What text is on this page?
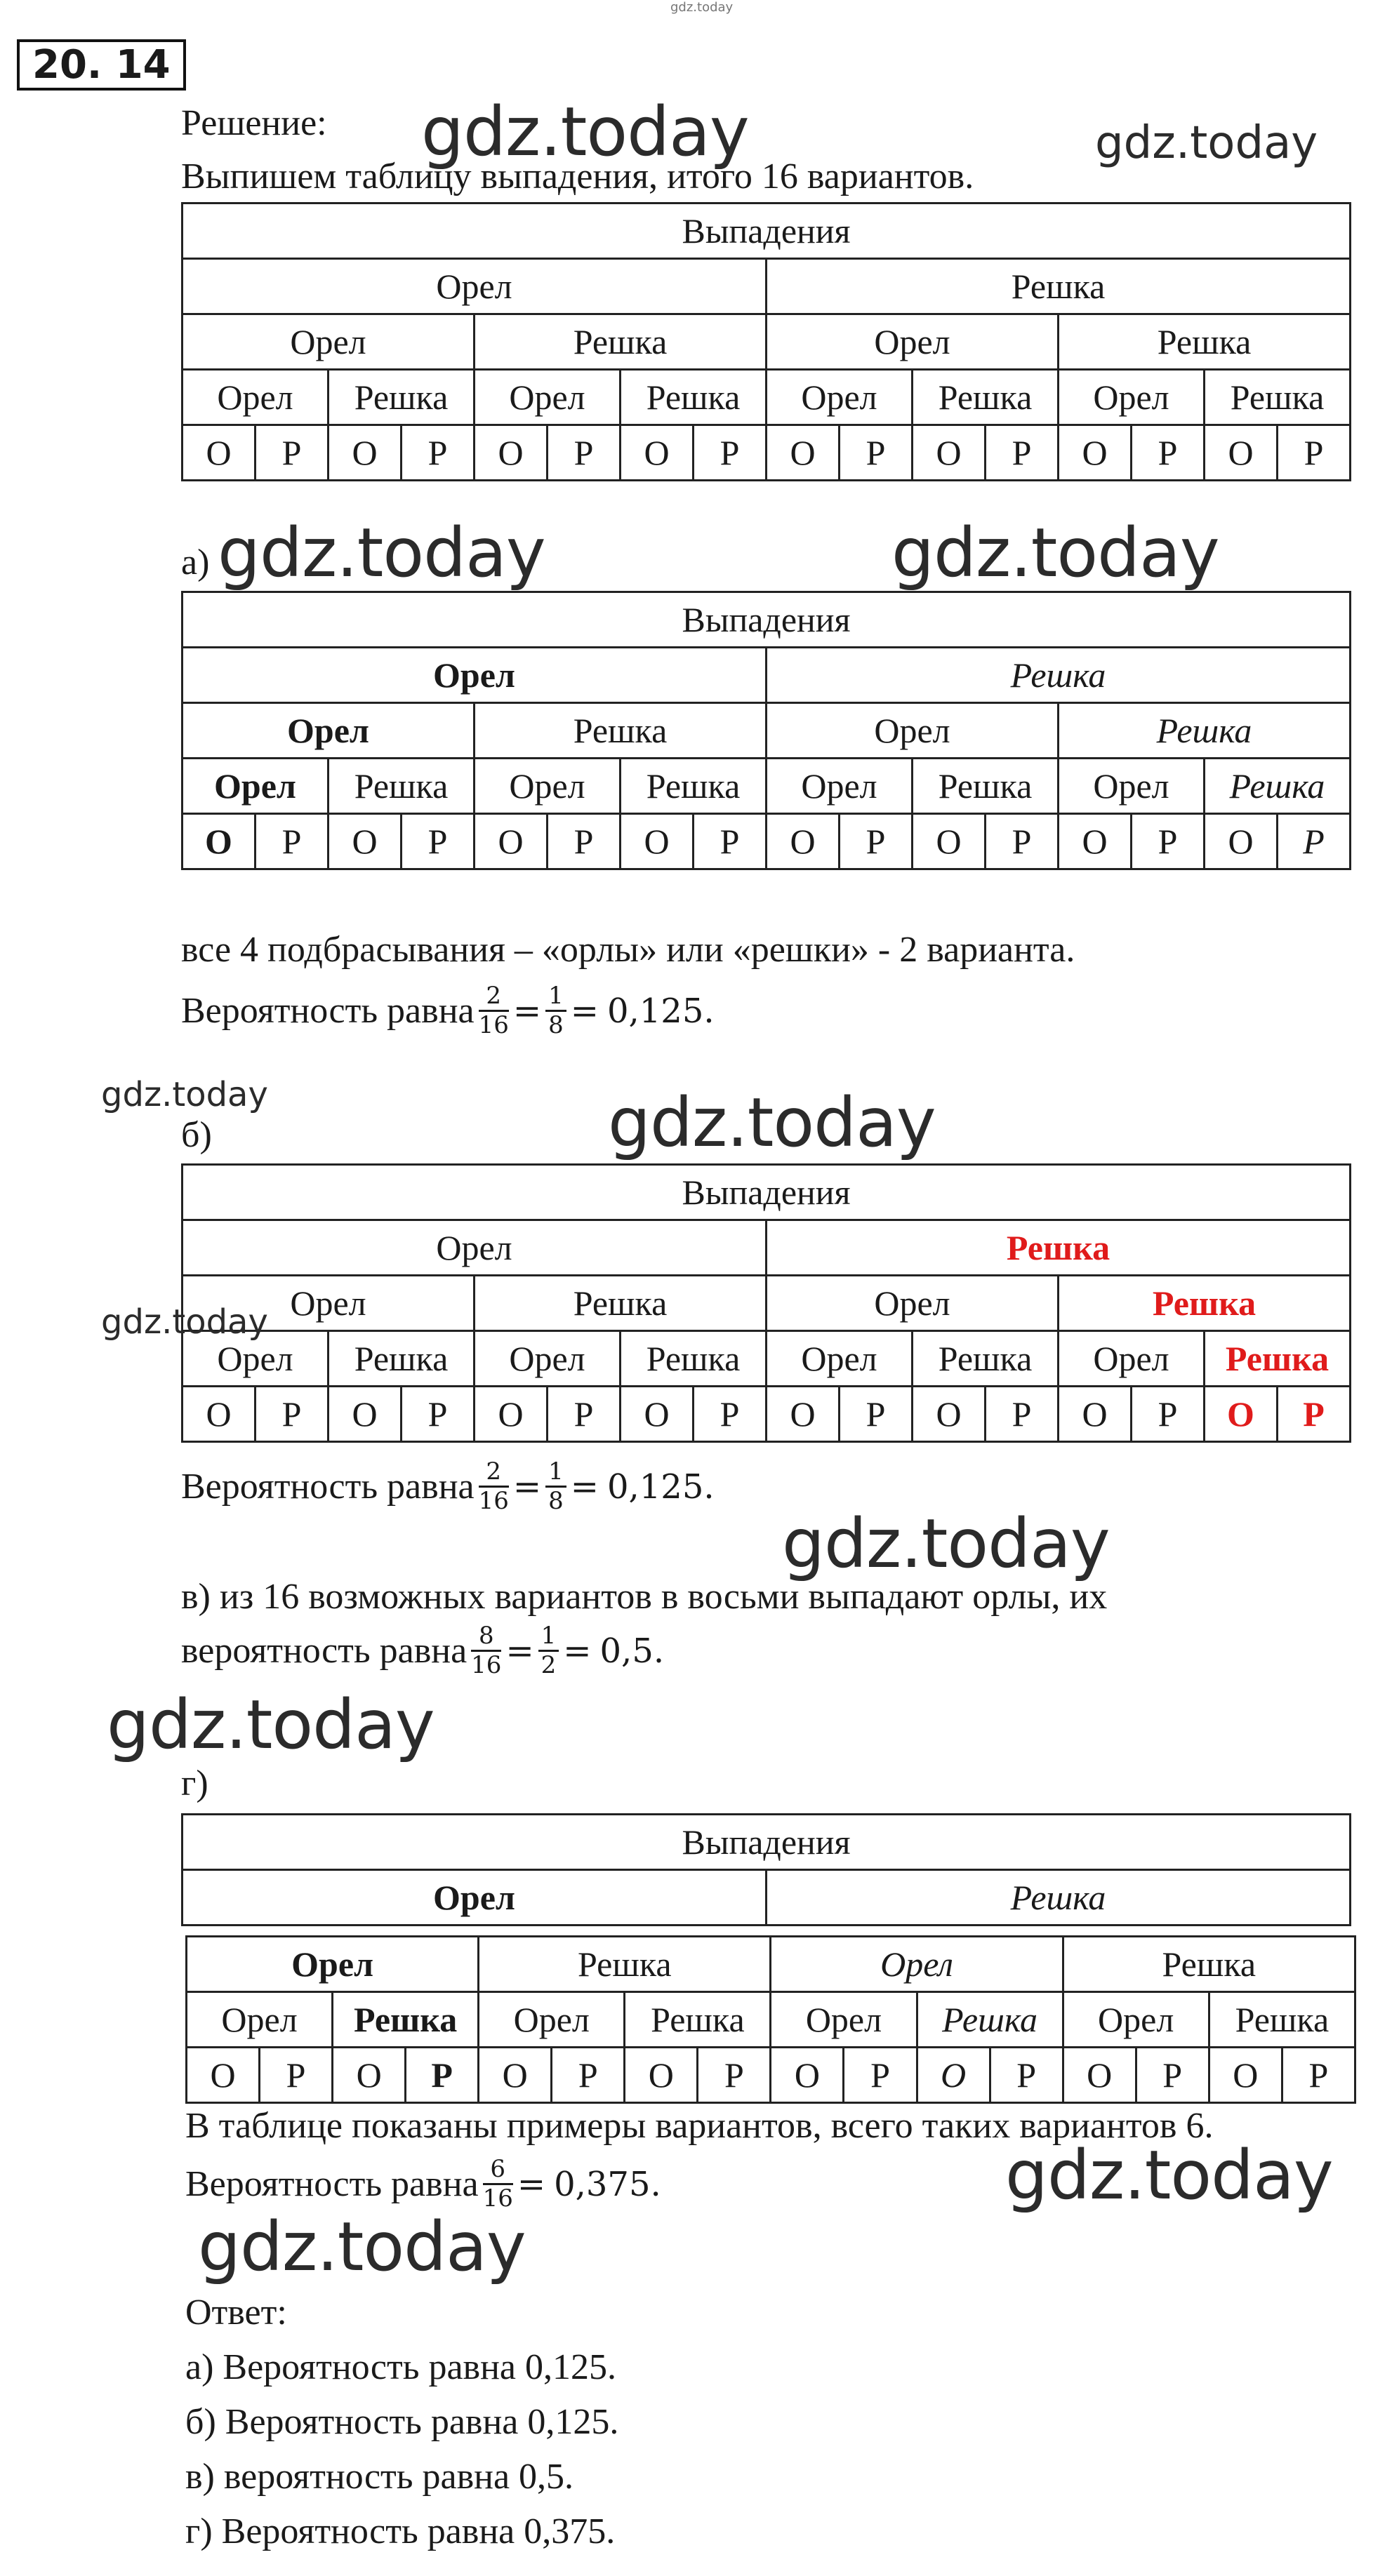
gdz.today
20. 14
Решение:
Выпишем таблицу выпадения, итого 16 вариантов.
gdz.today	gdz.today
Выпадения															
Орел								Решка							
Орел				Решка				Орел				Решка			
Орел		Решка		Орел		Решка		Орел		Решка		Орел		Решка	
О	Р	О	Р	О	Р	О	Р	О	Р	О	Р	О	Р	О	Р
а) gdz.today	gdz.today
Выпадения															
Орел								Решка							
Орел				Решка				Орел				Решка			
Орел		Решка		Орел		Решка		Орел		Решка		Орел		Решка	
О	Р	О	Р	О	Р	О	Р	О	Р	О	Р	О	Р	О	Р
все 4 подбрасывания – «орлы» или «решки» - 2 варианта.
Вероятность равна $\frac{2}{16} = \frac{1}{8} = 0,125$.
gdz.today	gdz.today
б)
Выпадения															
Орел								Решка							
Орел				Решка				Орел				Решка			
Орел		Решка		Орел		Решка		Орел		Решка		Орел		Решка	
О	Р	О	Р	О	Р	О	Р	О	Р	О	Р	О	Р	О	Р
gdz.today
Вероятность равна $\frac{2}{16} = \frac{1}{8} = 0,125$.
gdz.today
в) из 16 возможных вариантов в восьми выпадают орлы, их
вероятность равна $\frac{8}{16} = \frac{1}{2} = 0,5$.
gdz.today
г)
Выпадения
Орел	Решка
Орел				Решка				Орел				Решка			
Орел		Решка		Орел		Решка		Орел		Решка		Орел		Решка	
О	Р	О	Р	О	Р	О	Р	О	Р	О	Р	О	Р	О	Р
В таблице показаны примеры вариантов, всего таких вариантов 6.
Вероятность равна $\frac{6}{16} = 0,375$.	gdz.today
gdz.today
Ответ:
а) Вероятность равна 0,125.
б) Вероятность равна 0,125.
в) вероятность равна 0,5.
г) Вероятность равна 0,375.
